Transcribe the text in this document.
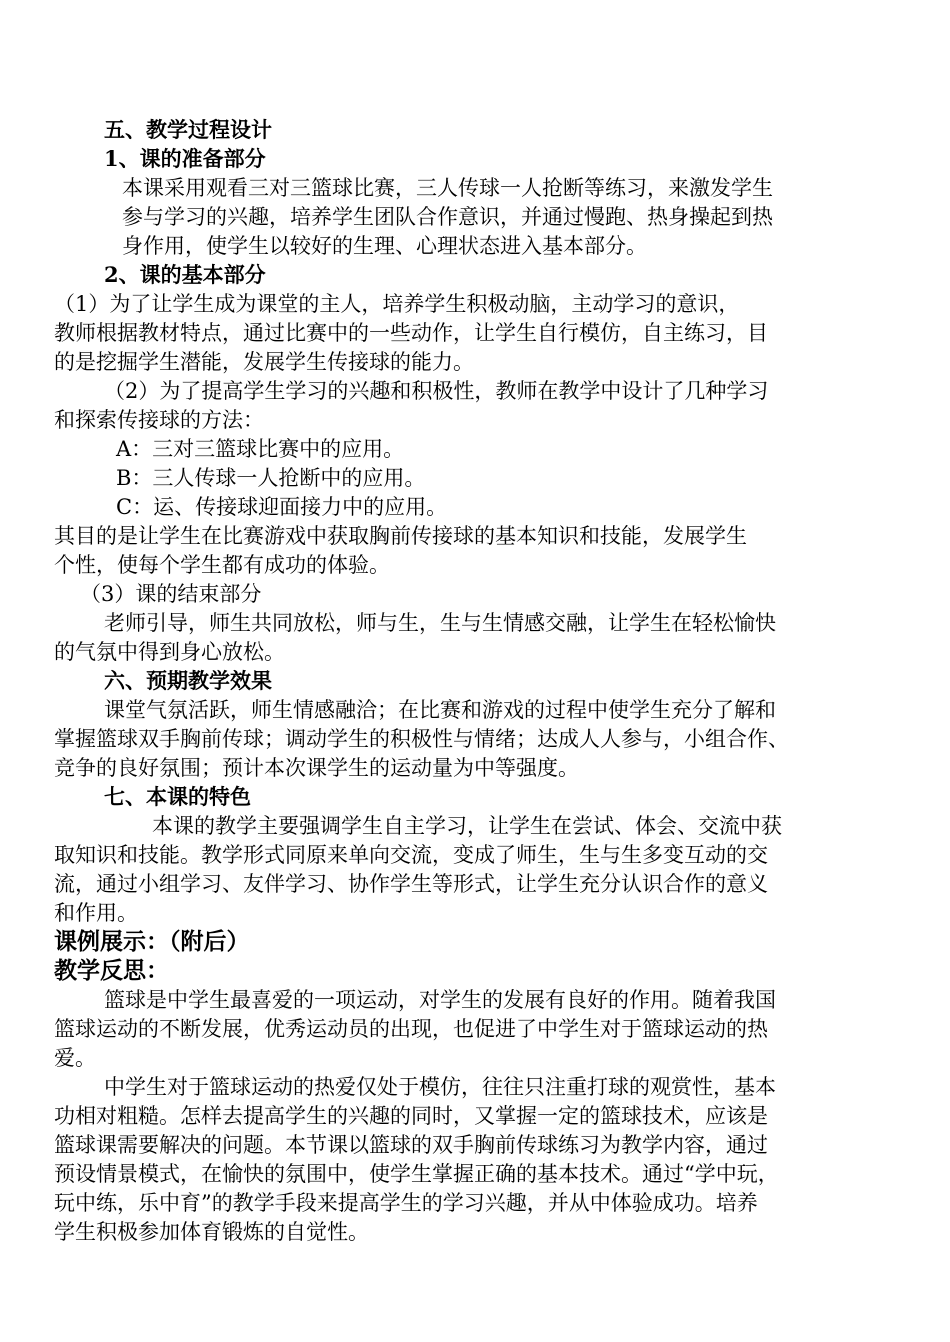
五、教学过程设计
1、课的准备部分
本课采用观看三对三篮球比赛，三人传球一人抢断等练习，来激发学生
参与学习的兴趣，培养学生团队合作意识，并通过慢跑、热身操起到热
身作用，使学生以较好的生理、心理状态进入基本部分。
2、课的基本部分
（1）为了让学生成为课堂的主人，培养学生积极动脑，主动学习的意识，
教师根据教材特点，通过比赛中的一些动作，让学生自行模仿，自主练习，目
的是挖掘学生潜能，发展学生传接球的能力。
（2）为了提高学生学习的兴趣和积极性，教师在教学中设计了几种学习
和探索传接球的方法：
A：三对三篮球比赛中的应用。
B：三人传球一人抢断中的应用。
C：运、传接球迎面接力中的应用。
其目的是让学生在比赛游戏中获取胸前传接球的基本知识和技能，发展学生
个性，使每个学生都有成功的体验。
（3）课的结束部分
老师引导，师生共同放松，师与生，生与生情感交融，让学生在轻松愉快
的气氛中得到身心放松。
六、预期教学效果
课堂气氛活跃，师生情感融洽；在比赛和游戏的过程中使学生充分了解和
掌握篮球双手胸前传球；调动学生的积极性与情绪；达成人人参与，小组合作、
竞争的良好氛围；预计本次课学生的运动量为中等强度。
七、本课的特色
本课的教学主要强调学生自主学习，让学生在尝试、体会、交流中获
取知识和技能。教学形式同原来单向交流，变成了师生，生与生多变互动的交
流，通过小组学习、友伴学习、协作学生等形式，让学生充分认识合作的意义
和作用。
课例展示：（附后）
教学反思：
篮球是中学生最喜爱的一项运动，对学生的发展有良好的作用。随着我国
篮球运动的不断发展，优秀运动员的出现，也促进了中学生对于篮球运动的热
爱。
中学生对于篮球运动的热爱仅处于模仿，往往只注重打球的观赏性，基本
功相对粗糙。怎样去提高学生的兴趣的同时，又掌握一定的篮球技术，应该是
篮球课需要解决的问题。本节课以篮球的双手胸前传球练习为教学内容，通过
预设情景模式，在愉快的氛围中，使学生掌握正确的基本技术。通过“学中玩，
玩中练，乐中育”的教学手段来提高学生的学习兴趣，并从中体验成功。培养
学生积极参加体育锻炼的自觉性。
